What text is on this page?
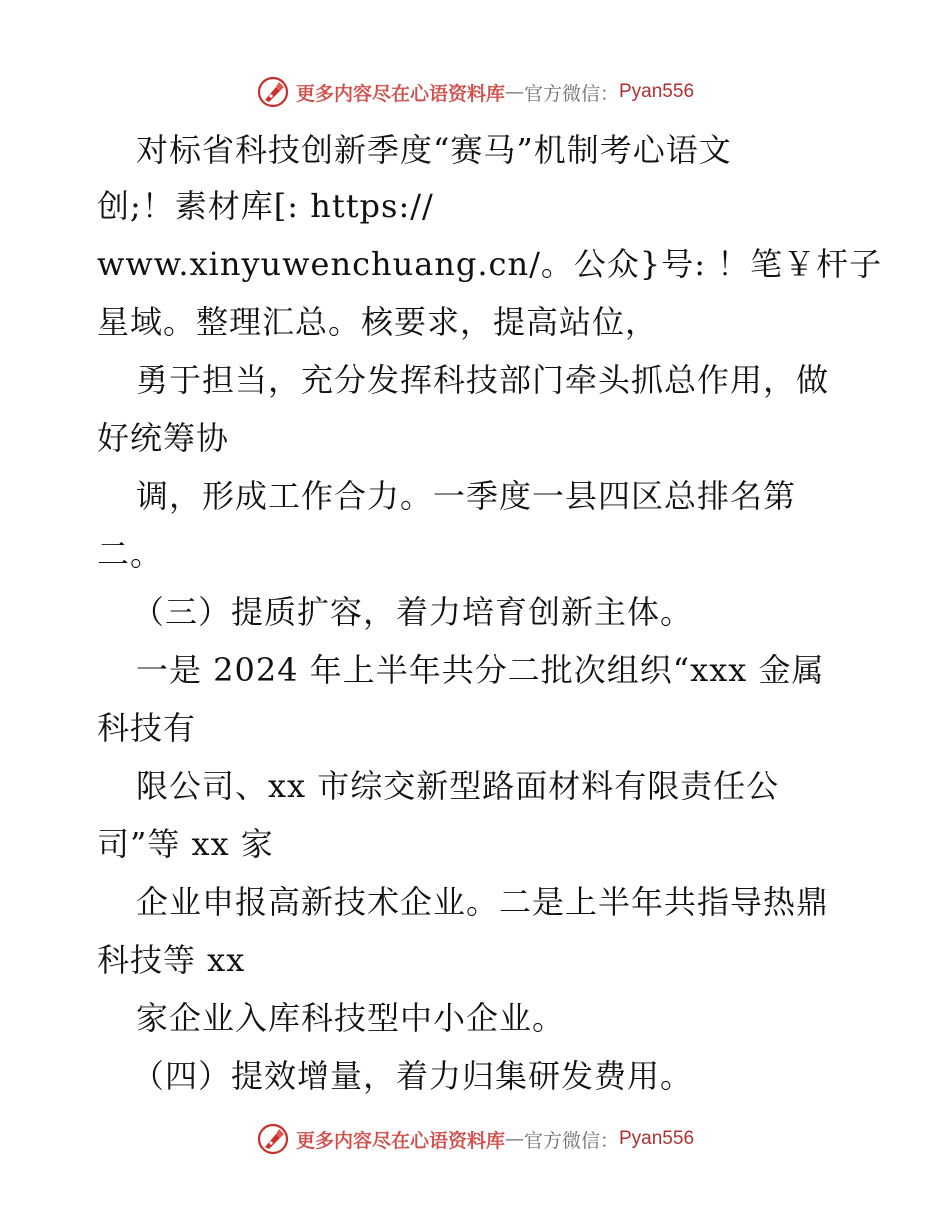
更多内容尽在心语资料库 — 官方微信： Pyan556
对标省科技创新季度“赛马”机制考心语文
创;！素材库[: https://
www.xinyuwenchuang.cn/。公众}号: ！笔￥杆子
星域。整理汇总。核要求，提高站位，
勇于担当，充分发挥科技部门牵头抓总作用，做
好统筹协
调，形成工作合力。一季度一县四区总排名第
二。
（三）提质扩容，着力培育创新主体。
一是 2024 年上半年共分二批次组织“xxx 金属
科技有
限公司、xx 市综交新型路面材料有限责任公
司”等 xx 家
企业申报高新技术企业。二是上半年共指导热鼎
科技等 xx
家企业入库科技型中小企业。
（四）提效增量，着力归集研发费用。
更多内容尽在心语资料库 — 官方微信： Pyan556
